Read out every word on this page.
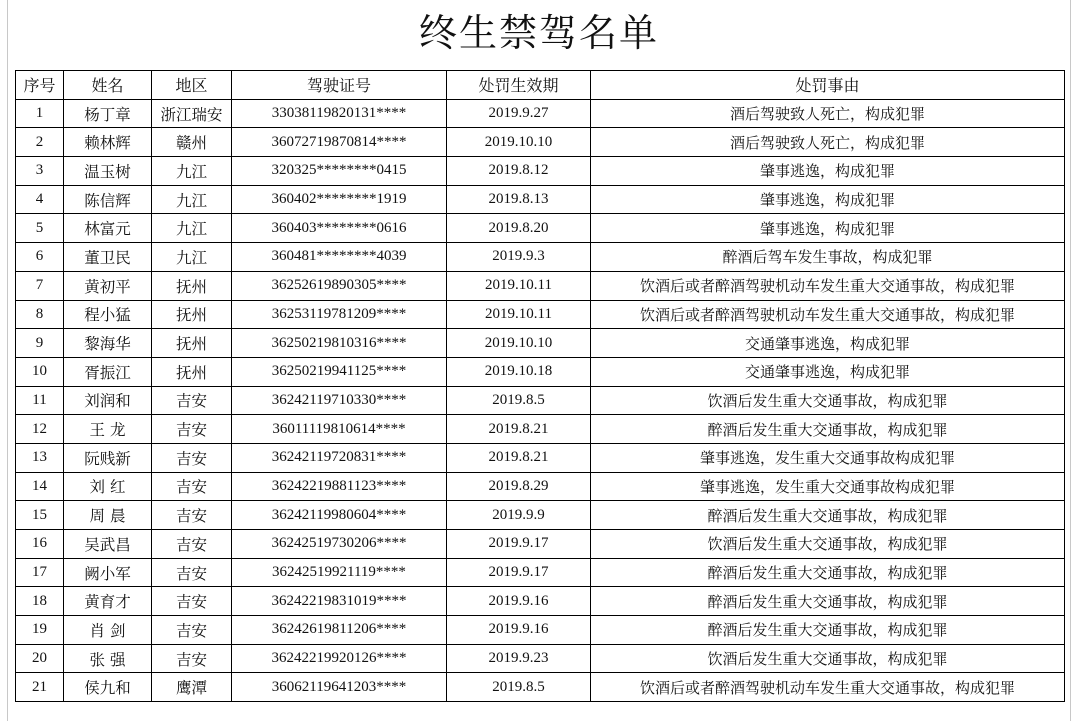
终生禁驾名单
序号	姓名	地区	驾驶证号	处罚生效期	处罚事由
1	杨丁章	浙江瑞安	33038119820131****	2019.9.27	酒后驾驶致人死亡，构成犯罪
2	赖林辉	赣州	36072719870814****	2019.10.10	酒后驾驶致人死亡，构成犯罪
3	温玉树	九江	320325********0415	2019.8.12	肇事逃逸，构成犯罪
4	陈信辉	九江	360402********1919	2019.8.13	肇事逃逸，构成犯罪
5	林富元	九江	360403********0616	2019.8.20	肇事逃逸，构成犯罪
6	董卫民	九江	360481********4039	2019.9.3	醉酒后驾车发生事故，构成犯罪
7	黄初平	抚州	36252619890305****	2019.10.11	饮酒后或者醉酒驾驶机动车发生重大交通事故，构成犯罪
8	程小猛	抚州	36253119781209****	2019.10.11	饮酒后或者醉酒驾驶机动车发生重大交通事故，构成犯罪
9	黎海华	抚州	36250219810316****	2019.10.10	交通肇事逃逸，构成犯罪
10	胥振江	抚州	36250219941125****	2019.10.18	交通肇事逃逸，构成犯罪
11	刘润和	吉安	36242119710330****	2019.8.5	饮酒后发生重大交通事故，构成犯罪
12	王 龙	吉安	36011119810614****	2019.8.21	醉酒后发生重大交通事故，构成犯罪
13	阮贱新	吉安	36242119720831****	2019.8.21	肇事逃逸，发生重大交通事故构成犯罪
14	刘 红	吉安	36242219881123****	2019.8.29	肇事逃逸，发生重大交通事故构成犯罪
15	周 晨	吉安	36242119980604****	2019.9.9	醉酒后发生重大交通事故，构成犯罪
16	吴武昌	吉安	36242519730206****	2019.9.17	饮酒后发生重大交通事故，构成犯罪
17	阙小军	吉安	36242519921119****	2019.9.17	醉酒后发生重大交通事故，构成犯罪
18	黄育才	吉安	36242219831019****	2019.9.16	醉酒后发生重大交通事故，构成犯罪
19	肖 剑	吉安	36242619811206****	2019.9.16	醉酒后发生重大交通事故，构成犯罪
20	张 强	吉安	36242219920126****	2019.9.23	饮酒后发生重大交通事故，构成犯罪
21	侯九和	鹰潭	36062119641203****	2019.8.5	饮酒后或者醉酒驾驶机动车发生重大交通事故，构成犯罪
